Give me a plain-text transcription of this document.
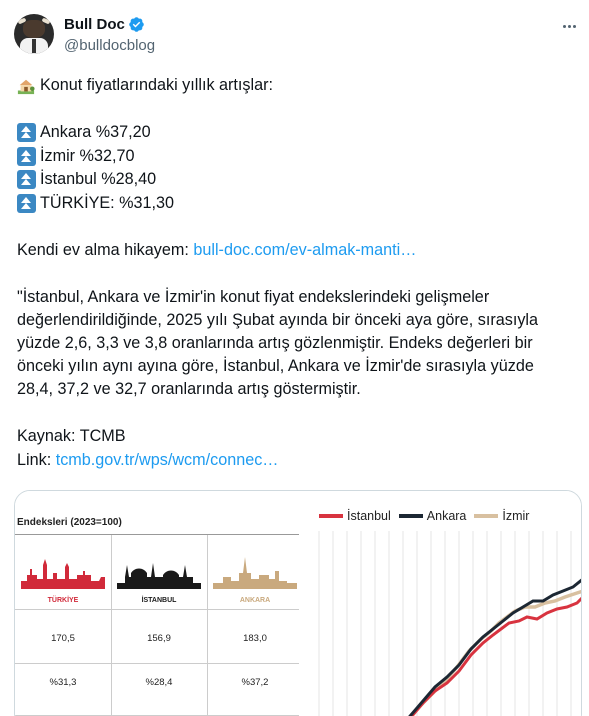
Bull Doc
@bulldocblog
Konut fiyatlarındaki yıllık artışlar:
Ankara %37,20
İzmir %32,70
İstanbul %28,40
TÜRKİYE: %31,30
Kendi ev alma hikayem: bull-doc.com/ev-almak-manti…
"İstanbul, Ankara ve İzmir'in konut fiyat endekslerindeki gelişmeler değerlendirildiğinde, 2025 yılı Şubat ayında bir önceki aya göre, sırasıyla yüzde 2,6, 3,3 ve 3,8 oranlarında artış gözlenmiştir. Endeks değerleri bir önceki yılın aynı ayına göre, İstanbul, Ankara ve İzmir'de sırasıyla yüzde 28,4, 37,2 ve 32,7 oranlarında artış göstermiştir.
Kaynak: TCMB
Link: tcmb.gov.tr/wps/wcm/connec…
Endeksleri (2023=100)
TÜRKİYE	İSTANBUL	ANKARA
170,5	156,9	183,0
%31,3	%28,4	%37,2
İstanbul	Ankara	İzmir
